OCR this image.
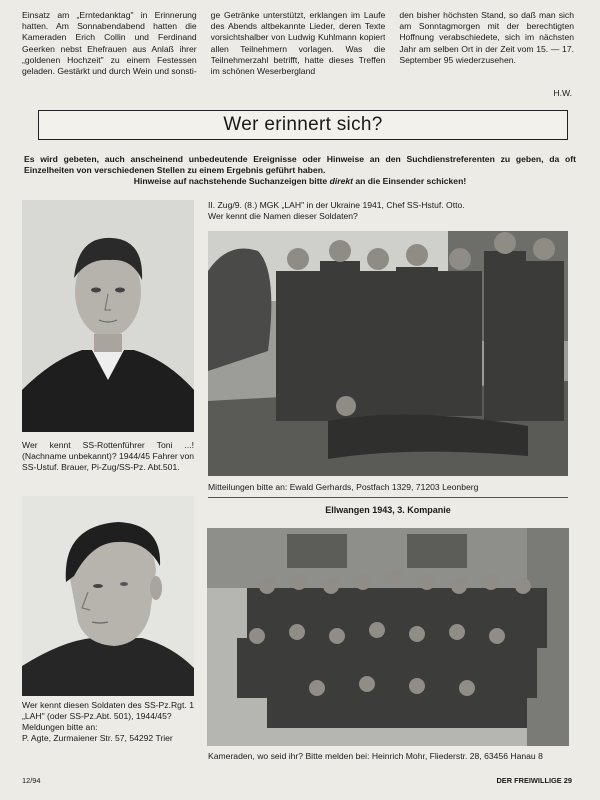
Einsatz am „Erntedanktag" in Erinnerung hatten. Am Sonnabendabend hatten die Kameraden Erich Collin und Ferdinand Geerken nebst Ehefrauen aus Anlaß ihrer „goldenen Hochzeit" zu einem Festessen geladen. Gestärkt und durch Wein und sonsti-

ge Getränke unterstützt, erklangen im Laufe des Abends altbekannte Lieder, deren Texte vorsichtshalber von Ludwig Kuhlmann kopiert allen Teilnehmern vorlagen. Was die Teilnehmerzahl betrifft, hatte dieses Treffen im schönen Weserbergland

den bisher höchsten Stand, so daß man sich am Sonntagmorgen mit der berechtigten Hoffnung verabschiedete, sich im nächsten Jahr am selben Ort in der Zeit vom 15. — 17. September 95 wiederzusehen.

H.W.
Wer erinnert sich?
Es wird gebeten, auch anscheinend unbedeutende Ereignisse oder Hinweise an den Suchdienstreferenten zu geben, da oft Einzelheiten von verschiedenen Stellen zu einem Ergebnis geführt haben.
Hinweise auf nachstehende Suchanzeigen bitte direkt an die Einsender schicken!
Wer kennt SS-Rottenführer Toni ...! (Nachname unbekannt)? 1944/45 Fahrer von SS-Ustuf. Brauer, Pi-Zug/SS-Pz. Abt.501.
Wer kennt diesen Soldaten des SS-Pz.Rgt. 1 „LAH" (oder SS-Pz.Abt. 501), 1944/45?
Meldungen bitte an:
P. Agte, Zurmaiener Str. 57, 54292 Trier
II. Zug/9. (8.) MGK „LAH" in der Ukraine 1941, Chef SS-Hstuf. Otto.
Wer kennt die Namen dieser Soldaten?
Mitteilungen bitte an: Ewald Gerhards, Postfach 1329, 71203 Leonberg
Ellwangen 1943, 3. Kompanie
Kameraden, wo seid ihr? Bitte melden bei: Heinrich Mohr, Fliederstr. 28, 63456 Hanau 8
12/94	DER FREIWILLIGE 29
